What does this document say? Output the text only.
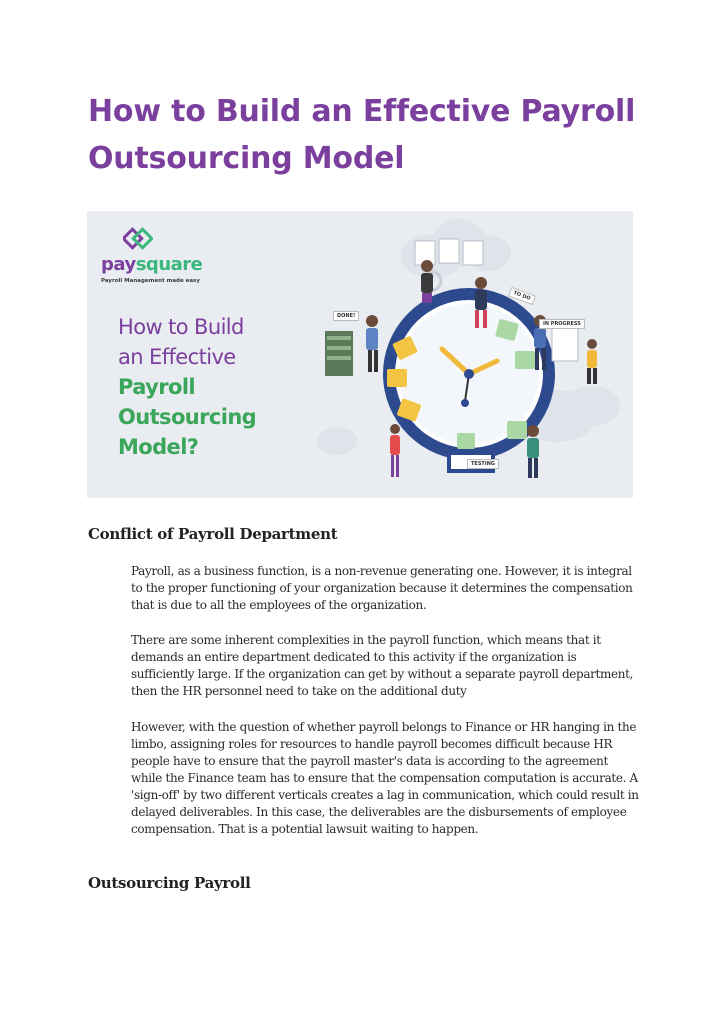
How to Build an Effective Payroll Outsourcing Model
paysquare
Payroll Management made easy
How to Build
an Effective
Payroll Outsourcing
Model?
DONE!
TO DO
IN PROGRESS
TESTING
Conflict of Payroll Department

Payroll, as a business function, is a non-revenue generating one. However, it is integral to the proper functioning of your organization because it determines the compensation that is due to all the employees of the organization.

There are some inherent complexities in the payroll function, which means that it demands an entire department dedicated to this activity if the organization is sufficiently large. If the organization can get by without a separate payroll department, then the HR personnel need to take on the additional duty

However, with the question of whether payroll belongs to Finance or HR hanging in the limbo, assigning roles for resources to handle payroll becomes difficult because HR people have to ensure that the payroll master's data is according to the agreement while the Finance team has to ensure that the compensation computation is accurate. A 'sign-off' by two different verticals creates a lag in communication, which could result in delayed deliverables. In this case, the deliverables are the disbursements of employee compensation. That is a potential lawsuit waiting to happen.

Outsourcing Payroll
